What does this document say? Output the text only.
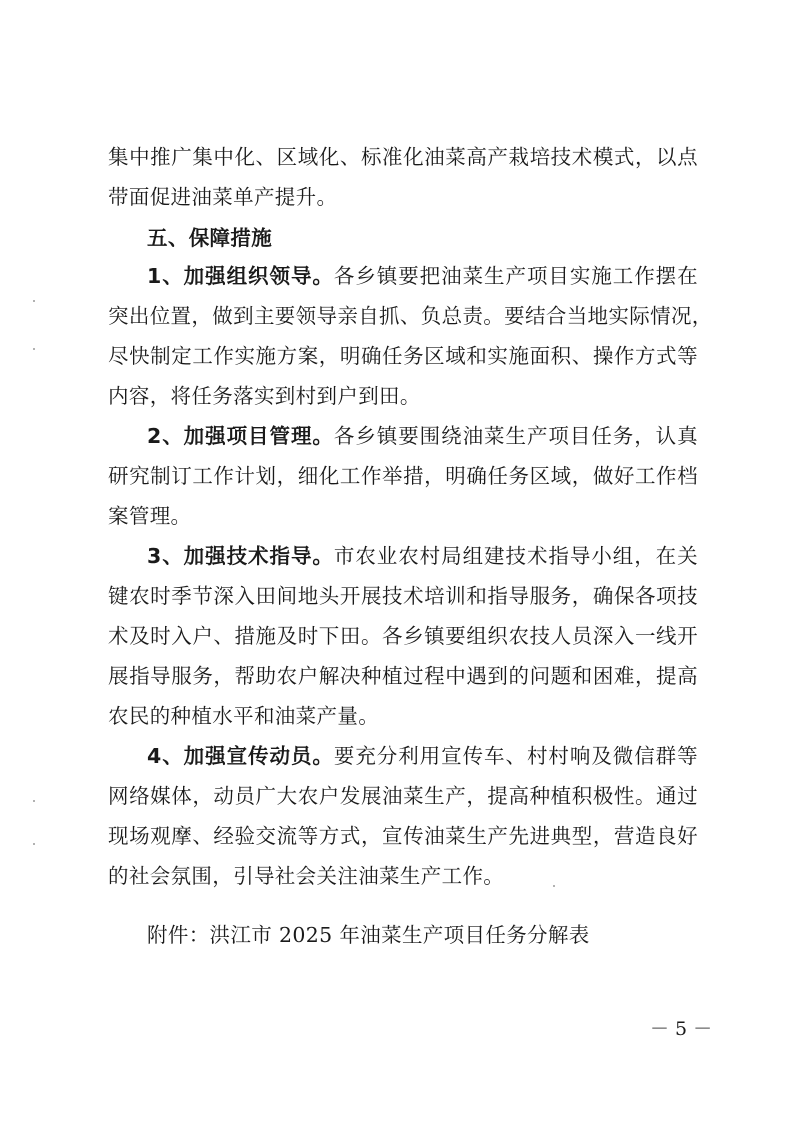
集中推广集中化、区域化、标准化油菜高产栽培技术模式，以点
带面促进油菜单产提升。
五、保障措施
1、加强组织领导。各乡镇要把油菜生产项目实施工作摆在
突出位置，做到主要领导亲自抓、负总责。要结合当地实际情况，
尽快制定工作实施方案，明确任务区域和实施面积、操作方式等
内容，将任务落实到村到户到田。
2、加强项目管理。各乡镇要围绕油菜生产项目任务，认真
研究制订工作计划，细化工作举措，明确任务区域，做好工作档
案管理。
3、加强技术指导。市农业农村局组建技术指导小组，在关
键农时季节深入田间地头开展技术培训和指导服务，确保各项技
术及时入户、措施及时下田。各乡镇要组织农技人员深入一线开
展指导服务，帮助农户解决种植过程中遇到的问题和困难，提高
农民的种植水平和油菜产量。
4、加强宣传动员。要充分利用宣传车、村村响及微信群等
网络媒体，动员广大农户发展油菜生产，提高种植积极性。通过
现场观摩、经验交流等方式，宣传油菜生产先进典型，营造良好
的社会氛围，引导社会关注油菜生产工作。
附件：洪江市 2025 年油菜生产项目任务分解表
－ 5 －
